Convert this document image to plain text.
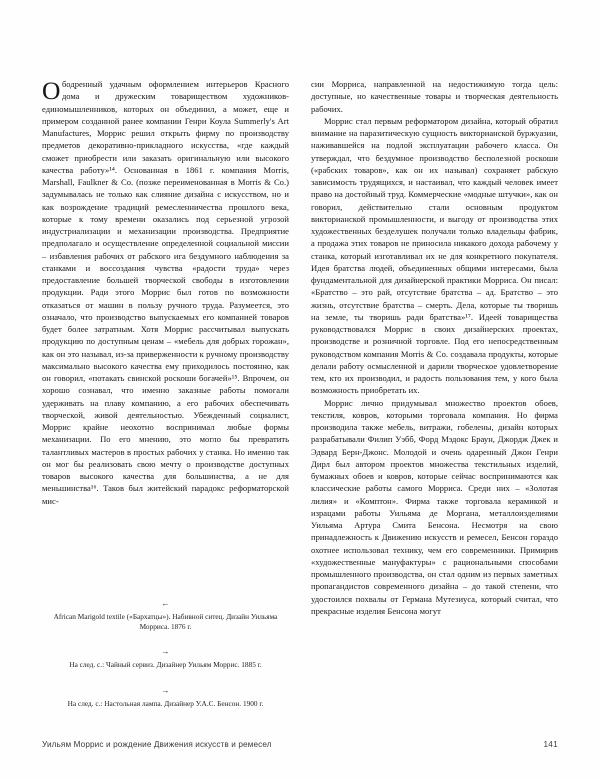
Ободренный удачным оформлением интерьеров Красного дома и дружеским товариществом художников-единомышленников, которых он объединил, а может, еще и примером созданной ранее компании Генри Коула Summerly's Art Manufactures, Моррис решил открыть фирму по производству предметов декоративно-прикладного искусства, «где каждый сможет приобрести или заказать оригинальную или высокого качества работу»¹⁴. Основанная в 1861 г. компания Morris, Marshall, Faulkner & Co. (позже переименованная в Morris & Co.) задумывалась не только как слияние дизайна с искусством, но и как возрождение традиций ремесленничества прошлого века, которые к тому времени оказались под серьезной угрозой индустриализации и механизации производства. Предприятие предполагало и осуществление определенной социальной миссии – избавления рабочих от рабского ига бездумного наблюдения за станками и воссоздания чувства «радости труда» через предоставление большей творческой свободы в изготовлении продукции. Ради этого Моррис был готов по возможности отказаться от машин в пользу ручного труда. Разумеется, это означало, что производство выпускаемых его компанией товаров будет более затратным. Хотя Моррис рассчитывал выпускать продукцию по доступным ценам – «мебель для добрых горожан», как он это называл, из-за приверженности к ручному производству максимально высокого качества ему приходилось постоянно, как он говорил, «потакать свинской роскоши богачей»¹⁵. Впрочем, он хорошо сознавал, что именно заказные работы помогали удерживать на плаву компанию, а его рабочих обеспечивать творческой, живой деятельностью. Убежденный социалист, Моррис крайне неохотно воспринимал любые формы механизации. По его мнению, это могло бы превратить талантливых мастеров в простых рабочих у станка. Но именно так он мог бы реализовать свою мечту о производстве доступных товаров высокого качества для большинства, а не для меньшинства¹⁶. Таков был житейский парадокс реформаторской мис-

←

African Marigold textile («Бархатцы»). Набивной ситец. Дизайн Уильяма Морриса. 1876 г.

→

На след. с.: Чайный сервиз. Дизайнер Уильям Моррис. 1885 г.

→

На след. с.: Настольная лампа. Дизайнер У.А.С. Бенсон. 1900 г.

сии Морриса, направленной на недостижимую тогда цель: доступные, но качественные товары и творческая деятельность рабочих.

Моррис стал первым реформатором дизайна, который обратил внимание на паразитическую сущность викторианской буржуазии, наживавшейся на подлой эксплуатации рабочего класса. Он утверждал, что бездумное производство бесполезной роскоши («рабских товаров», как он их называл) сохраняет рабскую зависимость трудящихся, и настаивал, что каждый человек имеет право на достойный труд. Коммерческие «модные штучки», как он говорил, действительно стали основным продуктом викторианской промышленности, и выгоду от производства этих художественных безделушек получали только владельцы фабрик, а продажа этих товаров не приносила никакого дохода рабочему у станка, который изготавливал их не для конкретного покупателя. Идея братства людей, объединенных общими интересами, была фундаментальной для дизайнерской практики Морриса. Он писал: «Братство – это рай, отсутствие братства – ад. Братство – это жизнь, отсутствие братства – смерть. Дела, которые ты творишь на земле, ты творишь ради братства»¹⁷. Идеей товарищества руководствовался Моррис в своих дизайнерских проектах, производстве и розничной торговле. Под его непосредственным руководством компания Morris & Co. создавала продукты, которые делали работу осмысленной и дарили творческое удовлетворение тем, кто их производил, и радость пользования тем, у кого была возможность приобретать их.

Моррис лично придумывал множество проектов обоев, текстиля, ковров, которыми торговала компания. Но фирма производила также мебель, витражи, гобелены, дизайн которых разрабатывали Филип Уэбб, Форд Мэдокс Браун, Джордж Джек и Эдвард Берн-Джонс. Молодой и очень одаренный Джон Генри Дирл был автором проектов множества текстильных изделий, бумажных обоев и ковров, которые сейчас воспринимаются как классические работы самого Морриса. Среди них – «Золотая лилия» и «Комптон». Фирма также торговала керамикой и израцами работы Уильяма де Моргана, металлоизделиями Уильяма Артура Смита Бенсона. Несмотря на свою принадлежность к Движению искусств и ремесел, Бенсон гораздо охотнее использовал технику, чем его современники. Примирив «художественные мануфактуры» с рациональными способами промышленного производства, он стал одним из первых заметных пропагандистов современного дизайна – до такой степени, что удостоился похвалы от Германа Мутезиуса, который считал, что прекрасные изделия Бенсона могут

Уильям Моррис и рождение Движения искусств и ремесел	141
